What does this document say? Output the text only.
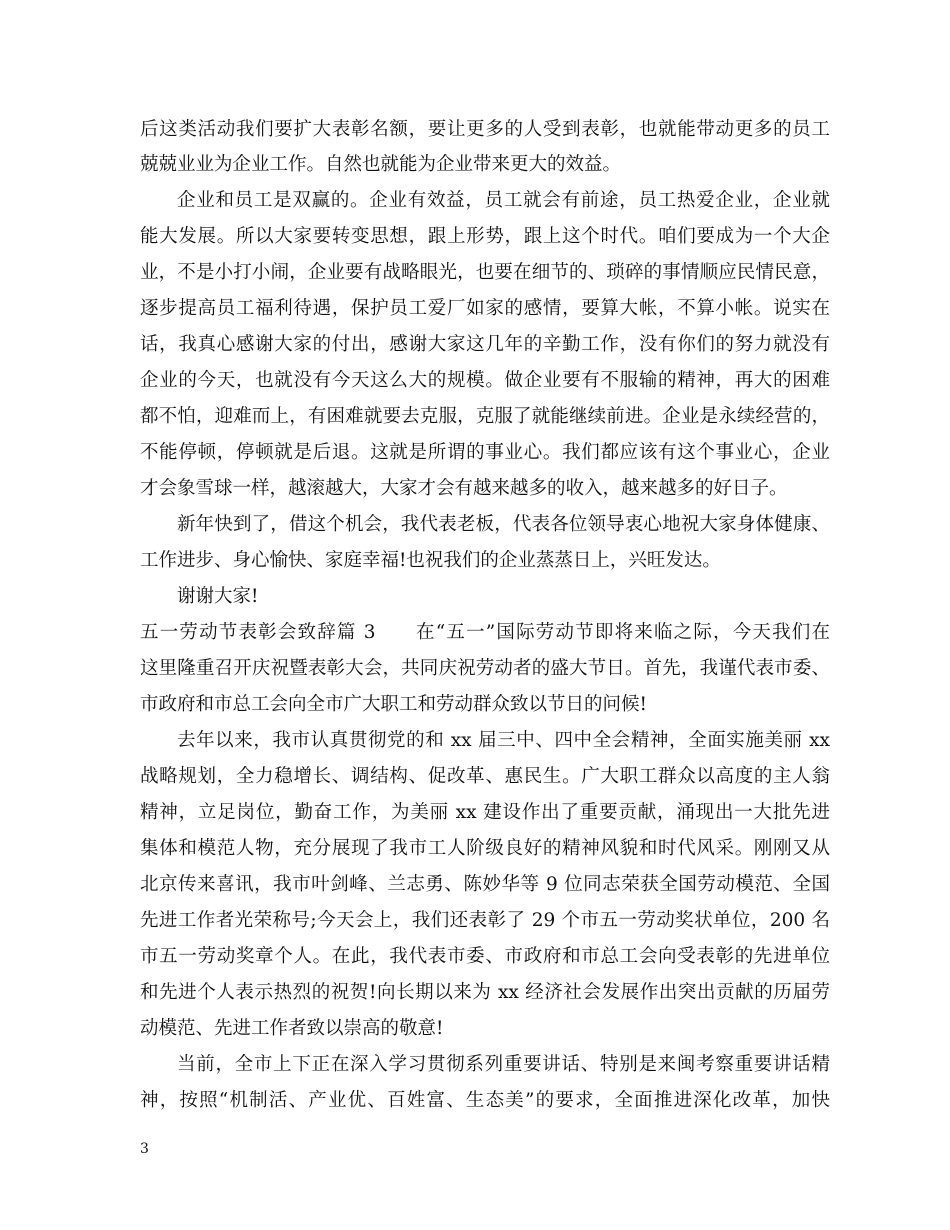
后这类活动我们要扩大表彰名额，要让更多的人受到表彰，也就能带动更多的员工
兢兢业业为企业工作。自然也就能为企业带来更大的效益。
企业和员工是双赢的。企业有效益，员工就会有前途，员工热爱企业，企业就
能大发展。所以大家要转变思想，跟上形势，跟上这个时代。咱们要成为一个大企
业，不是小打小闹，企业要有战略眼光，也要在细节的、琐碎的事情顺应民情民意，
逐步提高员工福利待遇，保护员工爱厂如家的感情，要算大帐，不算小帐。说实在
话，我真心感谢大家的付出，感谢大家这几年的辛勤工作，没有你们的努力就没有
企业的今天，也就没有今天这么大的规模。做企业要有不服输的精神，再大的困难
都不怕，迎难而上，有困难就要去克服，克服了就能继续前进。企业是永续经营的，
不能停顿，停顿就是后退。这就是所谓的事业心。我们都应该有这个事业心，企业
才会象雪球一样，越滚越大，大家才会有越来越多的收入，越来越多的好日子。
新年快到了，借这个机会，我代表老板，代表各位领导衷心地祝大家身体健康、
工作进步、身心愉快、家庭幸福!也祝我们的企业蒸蒸日上，兴旺发达。
谢谢大家!
五一劳动节表彰会致辞篇 3　　在“五一”国际劳动节即将来临之际，今天我们在
这里隆重召开庆祝暨表彰大会，共同庆祝劳动者的盛大节日。首先，我谨代表市委、
市政府和市总工会向全市广大职工和劳动群众致以节日的问候!
去年以来，我市认真贯彻党的和 xx 届三中、四中全会精神，全面实施美丽 xx
战略规划，全力稳增长、调结构、促改革、惠民生。广大职工群众以高度的主人翁
精神，立足岗位，勤奋工作，为美丽 xx 建设作出了重要贡献，涌现出一大批先进
集体和模范人物，充分展现了我市工人阶级良好的精神风貌和时代风采。刚刚又从
北京传来喜讯，我市叶剑峰、兰志勇、陈妙华等 9 位同志荣获全国劳动模范、全国
先进工作者光荣称号;今天会上，我们还表彰了 29 个市五一劳动奖状单位，200 名
市五一劳动奖章个人。在此，我代表市委、市政府和市总工会向受表彰的先进单位
和先进个人表示热烈的祝贺!向长期以来为 xx 经济社会发展作出突出贡献的历届劳
动模范、先进工作者致以崇高的敬意!
当前，全市上下正在深入学习贯彻系列重要讲话、特别是来闽考察重要讲话精
神，按照“机制活、产业优、百姓富、生态美”的要求，全面推进深化改革，加快
3
